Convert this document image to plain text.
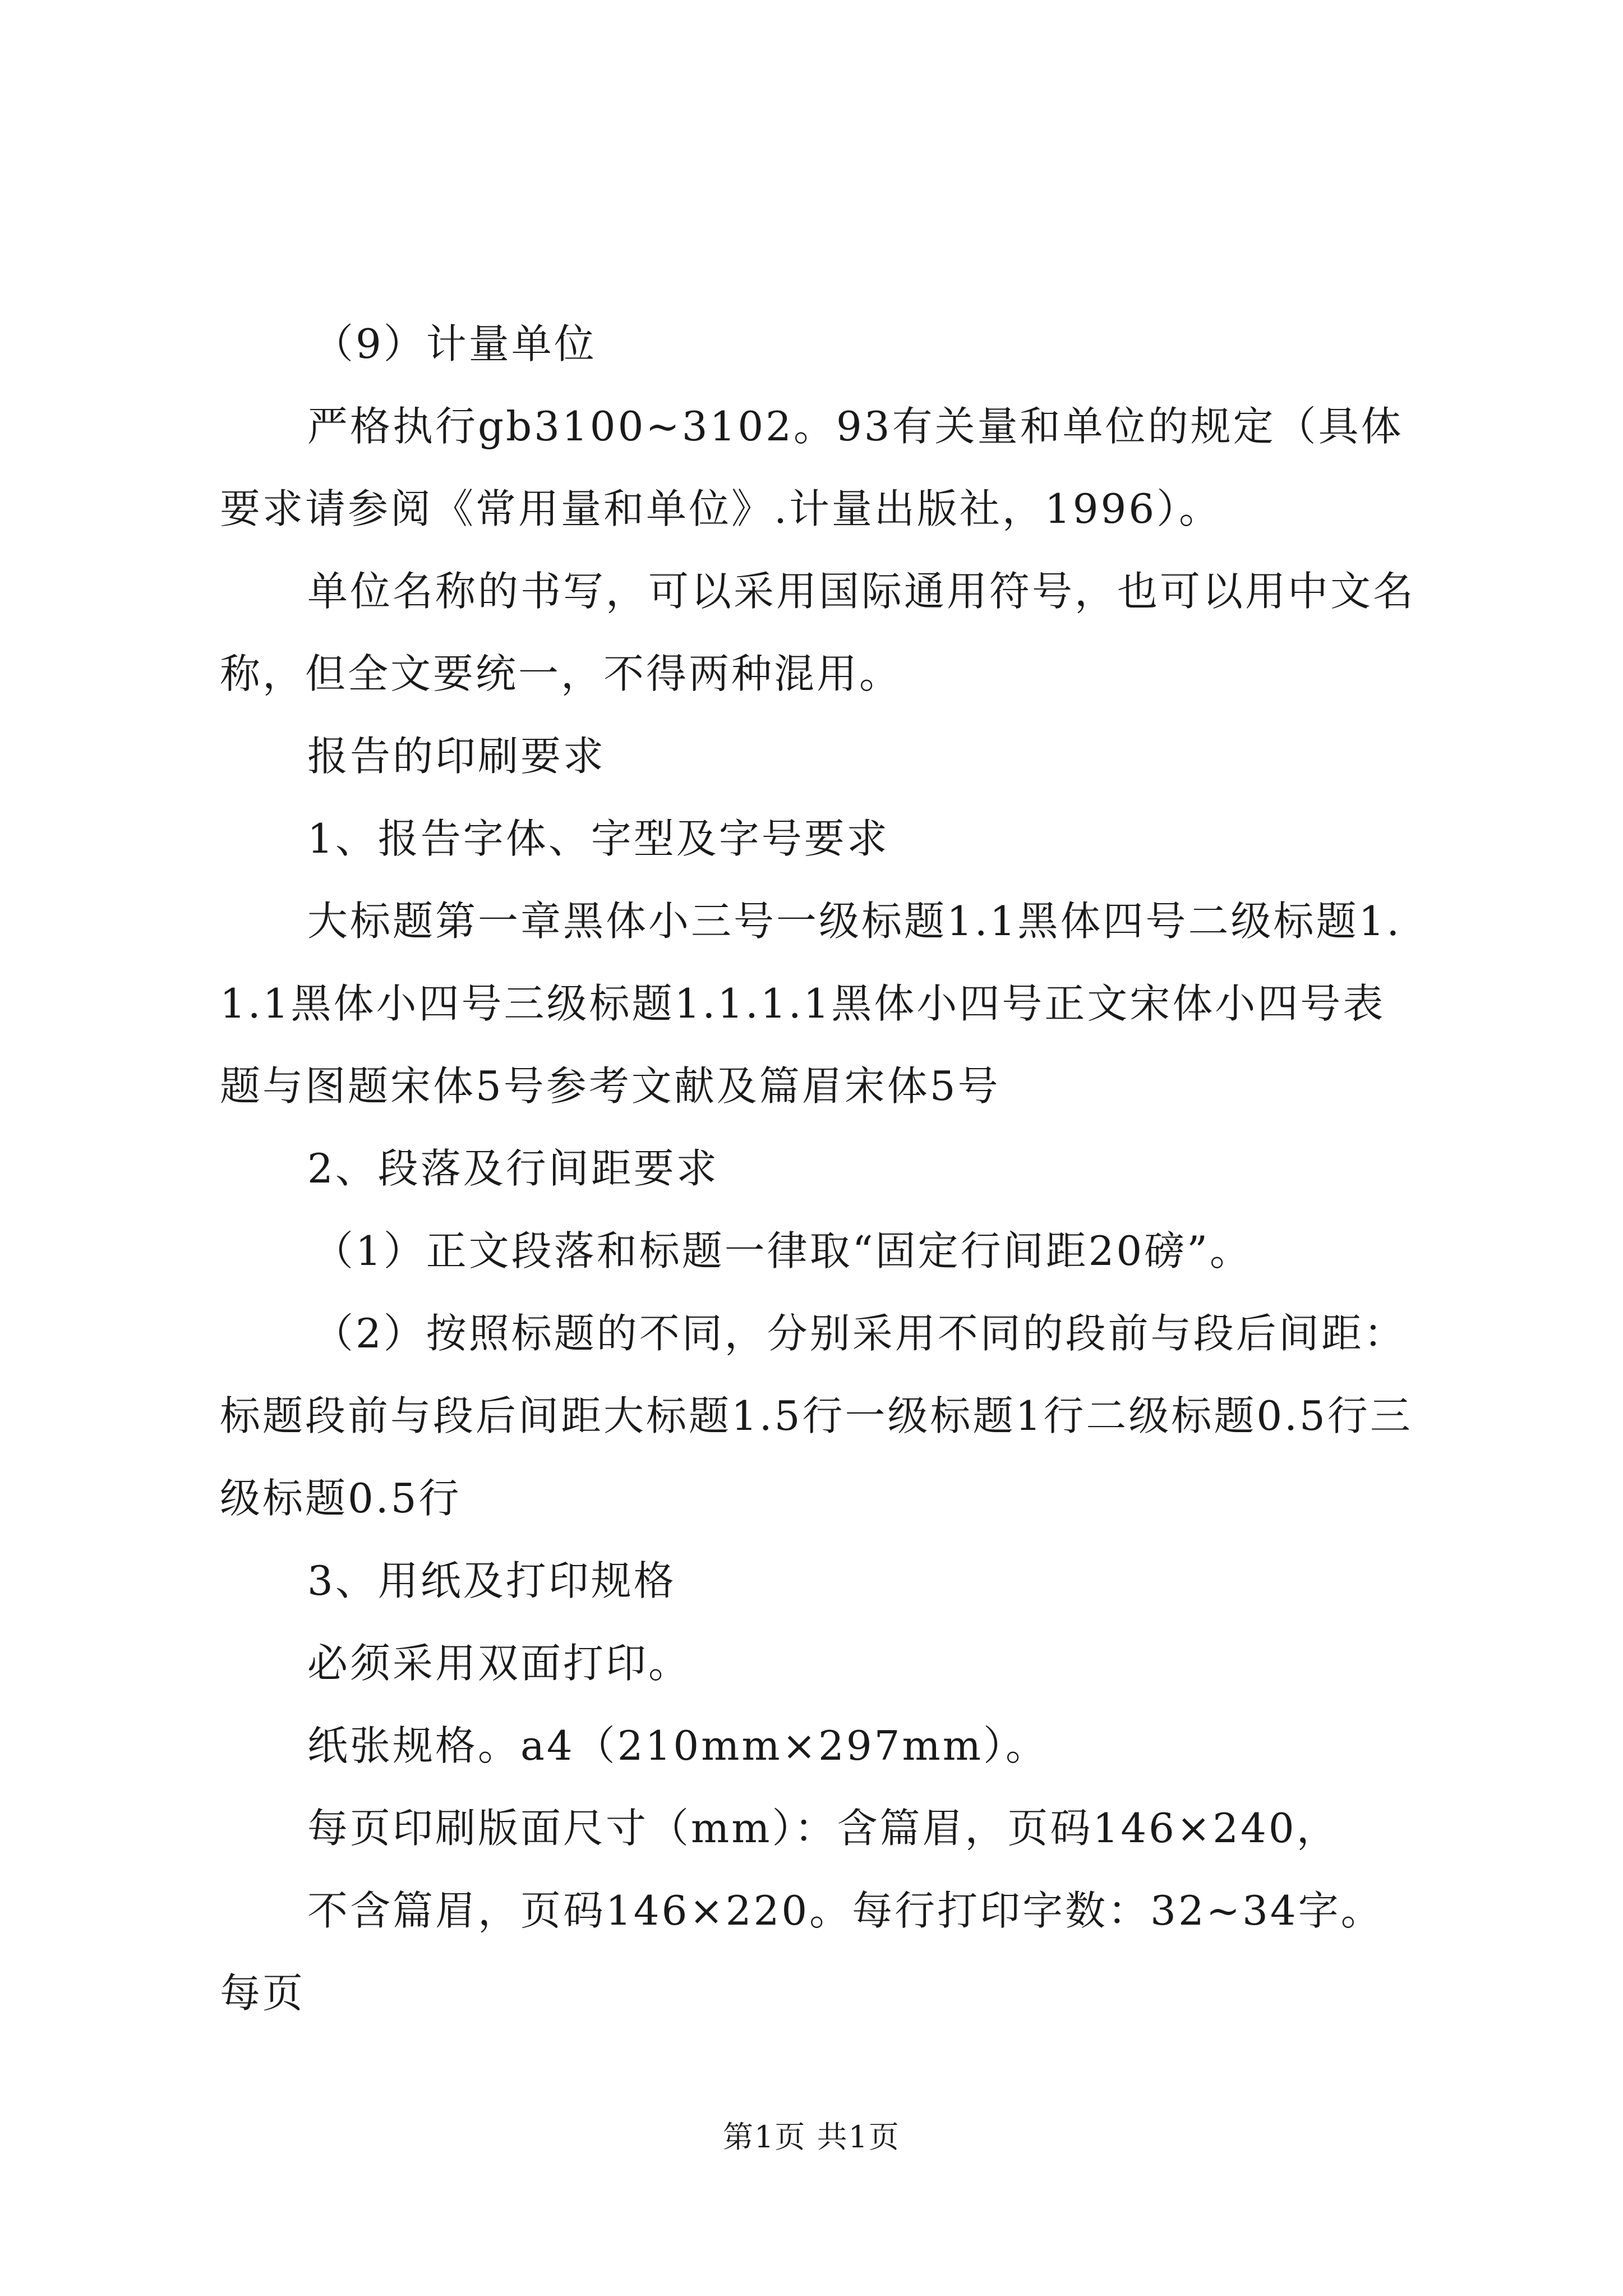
（9）计量单位

严格执行gb3100~3102。93有关量和单位的规定（具体要求请参阅《常用量和单位》.计量出版社，1996）。

单位名称的书写，可以采用国际通用符号，也可以用中文名称，但全文要统一，不得两种混用。

报告的印刷要求

1、报告字体、字型及字号要求

大标题第一章黑体小三号一级标题1.1黑体四号二级标题1.1.1黑体小四号三级标题1.1.1.1黑体小四号正文宋体小四号表题与图题宋体5号参考文献及篇眉宋体5号

2、段落及行间距要求

（1）正文段落和标题一律取“固定行间距20磅”。

（2）按照标题的不同，分别采用不同的段前与段后间距：标题段前与段后间距大标题1.5行一级标题1行二级标题0.5行三级标题0.5行

3、用纸及打印规格

必须采用双面打印。

纸张规格。a4（210mm×297mm）。

每页印刷版面尺寸（mm）：含篇眉，页码146×240，

不含篇眉，页码146×220。每行打印字数：32~34字。每页

第1页 共1页
